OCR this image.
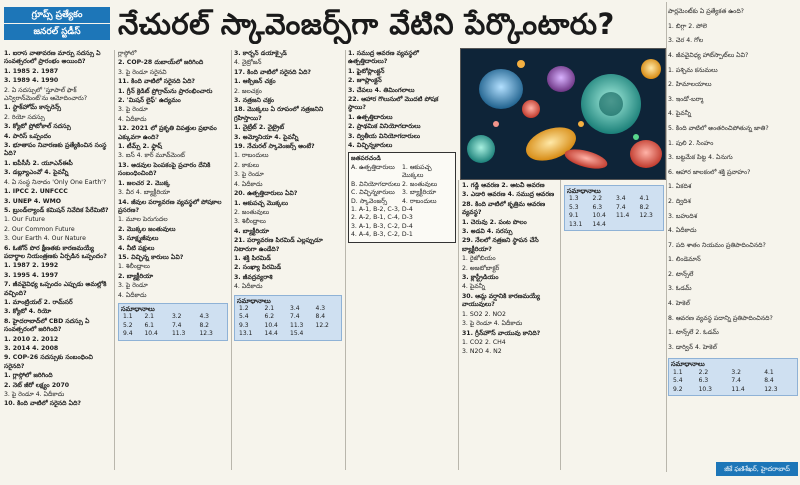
గ్రూప్స్ ప్రత్యేకం
జనరల్ స్టడీస్	నేచురల్ స్కావెంజర్స్‌గా వేటిని పేర్కొంటారు?

1. ఐరాస వాతావరణ మార్పు సదస్సు ఏ సంవత్సరంలో ప్రారంభం అయింది?

1. 1985 2. 1987

3. 1989 4. 1990

2. ఏ సదస్సులో 'స్తూపాల్ ఫాక్ ఎన్విరాన్‌మెంట్'ను ఆమోదించారు?

1. స్టాక్‌హోమ్ కాన్ఫరెన్స్

2. రియో సదస్సు

3. క్యోటో ప్రోటోకాల్ సదస్సు

4. పారిస్ ఒప్పందం

3. భూతాపం నివారణకు ప్రత్యేకించిన సంస్థ ఏది?

1. ఐపీసీసీ 2. యూఎన్‌ఈపీ

3. డబ్ల్యూఎంవో 4. పైవన్నీ

4. ఏ సంస్థ నినాదం 'Only One Earth'?

1. IPCC 2. UNFCCC

3. UNEP 4. WMO

5. బ్రుండ్‌ల్యాండ్ కమిషన్ నివేదిక పేరేమిటి?

1. Our Future

2. Our Common Future

3. Our Earth 4. Our Nature

6. ఓజోన్ పొర క్షీణతకు కారణమయ్యే పదార్థాల నియంత్రణకు ఏర్పడిన ఒప్పందం?

1. 1987 2. 1992

3. 1995 4. 1997

7. జీవవైవిధ్య ఒప్పందం ఎప్పుడు అమల్లోకి వచ్చింది?

1. మాంట్రియల్ 2. రామ్‌సర్

3. క్యోటో 4. రియో

8. హైదరాబాద్‌లో CBD సదస్సు ఏ సంవత్సరంలో జరిగింది?

1. 2010 2. 2012

3. 2014 4. 2008

9. COP-26 సదస్సుకు సంబంధించి సరైనది?

1. గ్లాస్గోలో జరిగింది

2. నెట్ జీరో లక్ష్యం 2070

3. పై రెండూ 4. ఏదీకాదు

10. కింది వాటిలో సరైనది ఏది?

గ్లాస్గోలో

2. COP-28 దుబాయ్‌లో జరిగింది

3. పై రెండూ సరైనవి

11. కింది వాటిలో సరైనది ఏది?

1. గ్రీన్ క్రెడిట్ ప్రోగ్రామ్‌ను ప్రారంభించారు

2. 'మిషన్ లైఫ్' ఉద్యమం

3. పై రెండూ

4. ఏదీకాదు

12. 2021 లో ప్రకృతి విపత్తుల ప్రభావం ఎక్కువగా ఉంది?

1. టీమ్స్ 2. ఫ్లాష్

3. ఐస్ 4. కార్ మూవ్‌మెంట్

13. అడవుల పెంపకంపై ప్రచారం దేనికి సంబంధించింది?

1. జలచర 2. మొక్క

3. వీర 4. బ్యాక్టీరియా

14. జీవుల పర్యావరణ వ్యవస్థలో పోషకాల ప్రసరణ?

1. మూల పెరుగుదల

2. మొక్కల జంతువులు

3. సూక్ష్మజీవులు

4. నీటి పక్షులు

15. విచ్ఛిన్న కారులు ఏవి?

1. శిలీంధ్రాలు

2. బ్యాక్టీరియా

3. పై రెండూ

4. ఏదీకాదు

సమాధానాలు
1.1	2.1	3.2	4.3
5.2	6.1	7.4	8.2
9.4	10.4	11.3	12.3

3. కార్బన్ డయాక్సైడ్

4. నైట్రోజన్

17. కింది వాటిలో సరైనది ఏది?

1. ఆక్సిజన్ చక్రం

2. జలచక్రం

3. నత్రజని చక్రం

18. మొక్కలు ఏ రూపంలో నత్రజనిని గ్రహిస్తాయి?

1. నైట్రేట్ 2. నైట్రైట్

3. అమ్మోనియా 4. పైవన్నీ

19. నేచురల్ స్కావెంజర్స్ అంటే?

1. రాబందులు

2. కాకులు

3. పై రెండూ

4. ఏదీకాదు

20. ఉత్పత్తిదారులు ఏవి?

1. ఆకుపచ్చ మొక్కలు

2. జంతువులు

3. శిలీంధ్రాలు

4. బ్యాక్టీరియా

21. పర్యావరణ పిరమిడ్ ఎల్లప్పుడూ నిటారుగా ఉండేది?

1. శక్తి పిరమిడ్

2. సంఖ్యా పిరమిడ్

3. జీవద్రవ్యరాశి

4. ఏదీకాదు

సమాధానాలు
1.2	2.1	3.4	4.3
5.4	6.2	7.4	8.4
9.3	10.4	11.3	12.2
13.1	14.4	15.4	

1. సముద్ర ఆవరణ వ్యవస్థలో ఉత్పత్తిదారులు?

1. ఫైటోప్లాంక్టన్

2. జూప్లాంక్టన్

3. చేపలు 4. తిమింగలాలు

22. ఆహార గొలుసులో మొదటి పోషక స్థాయి?

1. ఉత్పత్తిదారులు

2. ప్రాథమిక వినియోగదారులు

3. ద్వితీయ వినియోగదారులు

4. విచ్ఛిన్నకారులు

జతపరచండి
A. ఉత్పత్తిదారులు	1. ఆకుపచ్చ మొక్కలు
B. వినియోగదారులు 2. జంతువులు
C. విచ్ఛిన్నకారులు	3. బ్యాక్టీరియా
D. స్కావెంజర్స్	4. రాబందులు
1. A-1, B-2, C-3, D-4
2. A-2, B-1, C-4, D-3
3. A-1, B-3, C-2, D-4
4. A-4, B-3, C-2, D-1

1. గడ్డి ఆవరణ 2. అటవీ ఆవరణ

3. ఎడారి ఆవరణ 4. సముద్ర ఆవరణ

28. కింది వాటిలో కృత్రిమ ఆవరణ వ్యవస్థ?

1. చెరువు 2. పంట పొలం

3. అడవి 4. సరస్సు

29. నేలలో నత్రజని స్థాపన చేసే బ్యాక్టీరియా?

1. రైజోబియం

2. అజటోబాక్టర్

3. క్లాస్ట్రీడియం

4. పైవన్నీ

30. ఆమ్ల వర్షానికి కారణమయ్యే వాయువులు?

1. SO2 2. NO2

3. పై రెండూ 4. ఏదీకాదు

31. గ్రీన్‌హౌస్ వాయువు కానిది?

1. CO2 2. CH4

3. N2O 4. N2

సమాధానాలు
1.3	2.2	3.4	4.1
5.3	6.3	7.4	8.2
9.1	10.4	11.4	12.3
13.1	14.4		

పార్లమెంట్‌కు ఏ ప్రత్యేకత ఉంది?

1. బిగ్గా 2. పోలె

3. చెర 4. గోల

4. జీవవైవిధ్య హాట్‌స్పాట్‌లు ఏవి?

1. పశ్చిమ కనుమలు

2. హిమాలయాలు

3. ఇండో-బర్మా

4. పైవన్నీ

5. కింది వాటిలో అంతరించిపోతున్న జాతి?

1. పులి 2. సింహం

3. బట్టమేక పిట్ట 4. ఏనుగు

6. ఆహార జాలకంలో శక్తి ప్రవాహం?

1. ఏకదిశ

2. ద్విదిశ

3. బహుదిశ

4. ఏదీకాదు

7. పది శాతం నియమం ప్రతిపాదించినది?

1. లిండెమాన్

2. టాన్స్‌లే

3. ఓడమ్

4. హెకెల్

8. ఆవరణ వ్యవస్థ పదాన్ని ప్రతిపాదించినది?

1. టాన్స్‌లే 2. ఓడమ్

3. డార్విన్ 4. హెకెల్

సమాధానాలు
1.1	2.2	3.2	4.1
5.4	6.3	7.4	8.4
9.2	10.3	11.4	12.3
జీకే ఫణిశేఖర్, హైదరాబాద్
